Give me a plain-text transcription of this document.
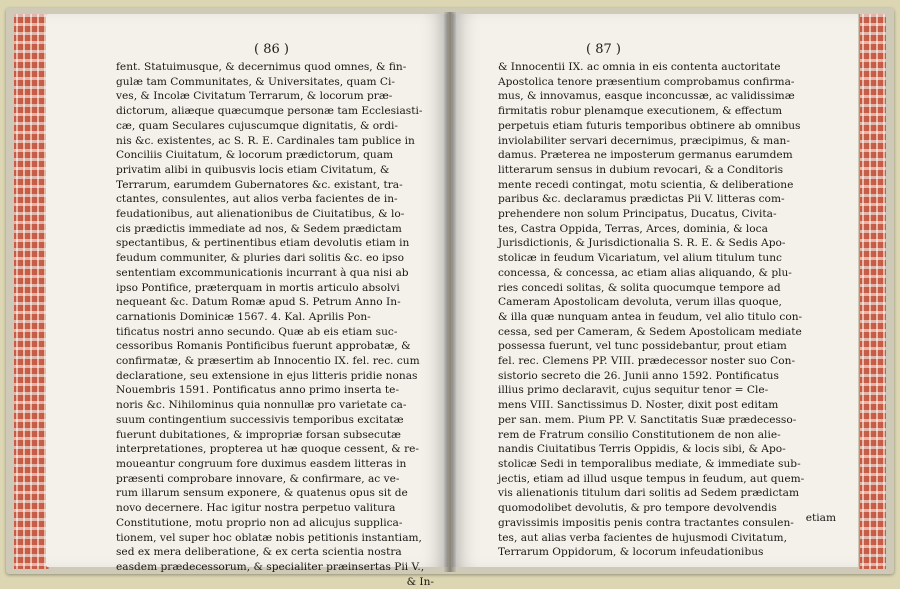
( 86 )
fent. Statuimusque, & decernimus quod omnes, & fin-
gulæ tam Communitates, & Universitates, quam Ci-
ves, & Incolæ Civitatum Terrarum, & locorum præ-
dictorum, aliæque quæcumque personæ tam Ecclesiasti-
cæ, quam Seculares cujuscumque dignitatis, & ordi-
nis &c. existentes, ac S. R. E. Cardinales tam publice in
Conciliis Ciuitatum, & locorum prædictorum, quam
privatim alibi in quibusvis locis etiam Civitatum, &
Terrarum, earumdem Gubernatores &c. existant, tra-
ctantes, consulentes, aut alios verba facientes de in-
feudationibus, aut alienationibus de Ciuitatibus, & lo-
cis prædictis immediate ad nos, & Sedem prædictam
spectantibus, & pertinentibus etiam devolutis etiam in
feudum communiter, & pluries dari solitis &c. eo ipso
sententiam excommunicationis incurrant à qua nisi ab
ipso Pontifice, præterquam in mortis articulo absolvi
nequeant &c. Datum Romæ apud S. Petrum Anno In-
carnationis Dominicæ 1567. 4. Kal. Aprilis Pon-
tificatus nostri anno secundo. Quæ ab eis etiam suc-
cessoribus Romanis Pontificibus fuerunt approbatæ, &
confirmatæ, & præsertim ab Innocentio IX. fel. rec. cum
declaratione, seu extensione in ejus litteris pridie nonas
Nouembris 1591. Pontificatus anno primo inserta te-
noris &c. Nihilominus quia nonnullæ pro varietate ca-
suum contingentium successivis temporibus excitatæ
fuerunt dubitationes, & impropriæ forsan subsecutæ
interpretationes, propterea ut hæ quoque cessent, & re-
moueantur congruum fore duximus easdem litteras in
præsenti comprobare innovare, & confirmare, ac ve-
rum illarum sensum exponere, & quatenus opus sit de
novo decernere. Hac igitur nostra perpetuo valitura
Constitutione, motu proprio non ad alicujus supplica-
tionem, vel super hoc oblatæ nobis petitionis instantiam,
sed ex mera deliberatione, & ex certa scientia nostra
easdem prædecessorum, & specialiter præinsertas Pii V.,
& In-
( 87 )
& Innocentii IX. ac omnia in eis contenta auctoritate
Apostolica tenore præsentium comprobamus confirma-
mus, & innovamus, easque inconcussæ, ac validissimæ
firmitatis robur plenamque executionem, & effectum
perpetuis etiam futuris temporibus obtinere ab omnibus
inviolabiliter servari decernimus, præcipimus, & man-
damus. Præterea ne imposterum germanus earumdem
litterarum sensus in dubium revocari, & a Conditoris
mente recedi contingat, motu scientia, & deliberatione
paribus &c. declaramus prædictas Pii V. litteras com-
prehendere non solum Principatus, Ducatus, Civita-
tes, Castra Oppida, Terras, Arces, dominia, & loca
Jurisdictionis, & Jurisdictionalia S. R. E. & Sedis Apo-
stolicæ in feudum Vicariatum, vel alium titulum tunc
concessa, & concessa, ac etiam alias aliquando, & plu-
ries concedi solitas, & solita quocumque tempore ad
Cameram Apostolicam devoluta, verum illas quoque,
& illa quæ nunquam antea in feudum, vel alio titulo con-
cessa, sed per Cameram, & Sedem Apostolicam mediate
possessa fuerunt, vel tunc possidebantur, prout etiam
fel. rec. Clemens PP. VIII. prædecessor noster suo Con-
sistorio secreto die 26. Junii anno 1592. Pontificatus
illius primo declaravit, cujus sequitur tenor = Cle-
mens VIII. Sanctissimus D. Noster, dixit post editam
per san. mem. Pium PP. V. Sanctitatis Suæ prædecesso-
rem de Fratrum consilio Constitutionem de non alie-
nandis Ciuitatibus Terris Oppidis, & locis sibi, & Apo-
stolicæ Sedi in temporalibus mediate, & immediate sub-
jectis, etiam ad illud usque tempus in feudum, aut quem-
vis alienationis titulum dari solitis ad Sedem prædictam
quomodolibet devolutis, & pro tempore devolvendis
gravissimis impositis penis contra tractantes consulen-
tes, aut alias verba facientes de hujusmodi Civitatum,
Terrarum Oppidorum, & locorum infeudationibus
etiam
